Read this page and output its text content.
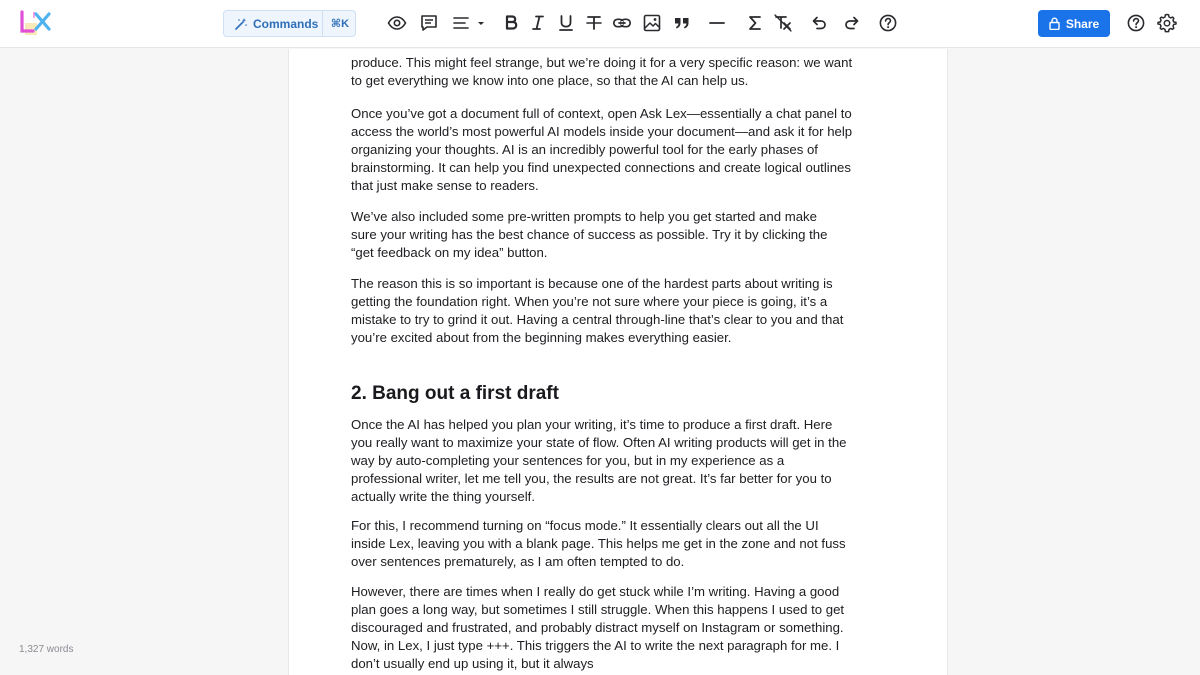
Commands	⌘K	Share

produce. This might feel strange, but we’re doing it for a very specific reason: we want to get everything we know into one place, so that the AI can help us.

Once you’ve got a document full of context, open Ask Lex—essentially a chat panel to access the world’s most powerful AI models inside your document—and ask it for help organizing your thoughts. AI is an incredibly powerful tool for the early phases of brainstorming. It can help you find unexpected connections and create logical outlines that just make sense to readers.

We’ve also included some pre-written prompts to help you get started and make sure your writing has the best chance of success as possible. Try it by clicking the “get feedback on my idea” button.

The reason this is so important is because one of the hardest parts about writing is getting the foundation right. When you’re not sure where your piece is going, it’s a mistake to try to grind it out. Having a central through-line that’s clear to you and that you’re excited about from the beginning makes everything easier.

2. Bang out a first draft

Once the AI has helped you plan your writing, it’s time to produce a first draft. Here you really want to maximize your state of flow. Often AI writing products will get in the way by auto-completing your sentences for you, but in my experience as a professional writer, let me tell you, the results are not great. It’s far better for you to actually write the thing yourself.

For this, I recommend turning on “focus mode.” It essentially clears out all the UI inside Lex, leaving you with a blank page. This helps me get in the zone and not fuss over sentences prematurely, as I am often tempted to do.

However, there are times when I really do get stuck while I’m writing. Having a good plan goes a long way, but sometimes I still struggle. When this happens I used to get discouraged and frustrated, and probably distract myself on Instagram or something. Now, in Lex, I just type +++. This triggers the AI to write the next paragraph for me. I don’t usually end up using it, but it always

1,327 words
